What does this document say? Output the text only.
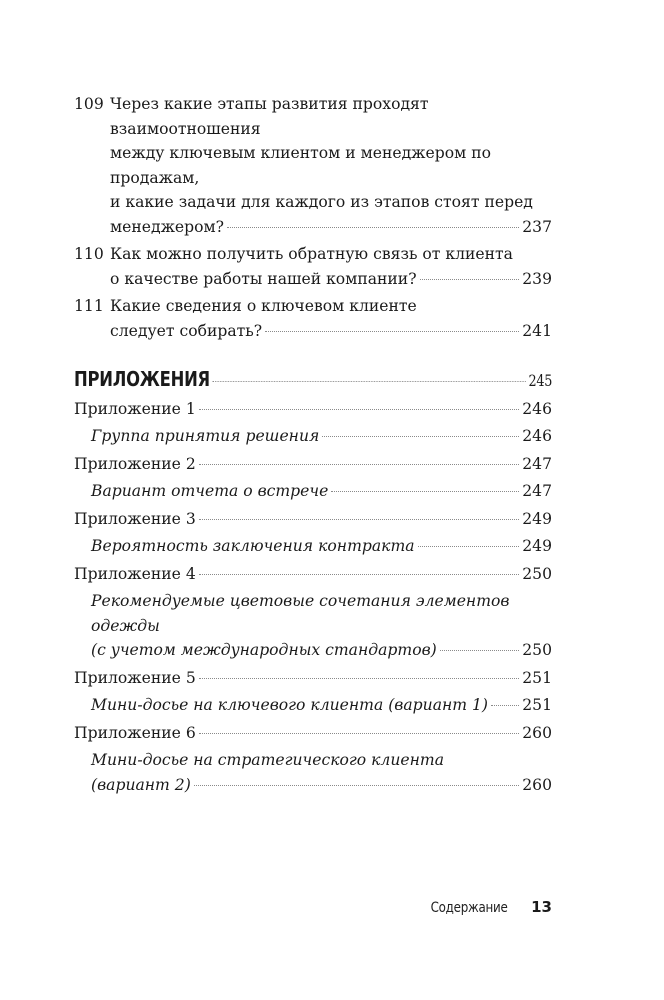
109 Через какие этапы развития проходят взаимоотношения
между ключевым клиентом и менеджером по продажам,
и какие задачи для каждого из этапов стоят перед
менеджером?	237
110 Как можно получить обратную связь от клиента
о качестве работы нашей компании?	239
111 Какие сведения о ключевом клиенте
следует собирать?	241
ПРИЛОЖЕНИЯ	245
Приложение 1	246
Группа принятия решения	246
Приложение 2	247
Вариант отчета о встрече	247
Приложение 3	249
Вероятность заключения контракта	249
Приложение 4	250
Рекомендуемые цветовые сочетания элементов одежды
(с учетом международных стандартов)	250
Приложение 5	251
Мини-досье на ключевого клиента (вариант 1) 251
Приложение 6	260
Мини-досье на стратегического клиента
(вариант 2)	260
Содержание 13
